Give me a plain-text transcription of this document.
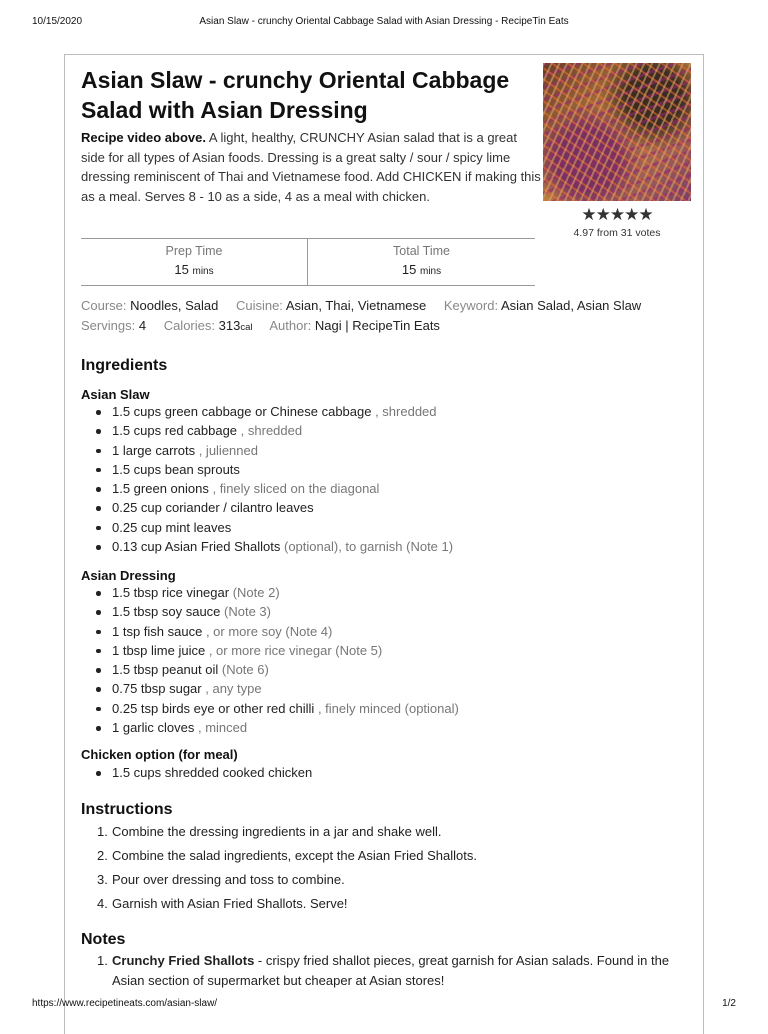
10/15/2020	Asian Slaw - crunchy Oriental Cabbage Salad with Asian Dressing - RecipeTin Eats
Asian Slaw - crunchy Oriental Cabbage Salad with Asian Dressing

Recipe video above. A light, healthy, CRUNCHY Asian salad that is a great side for all types of Asian foods. Dressing is a great salty / sour / spicy lime dressing reminiscent of Thai and Vietnamese food. Add CHICKEN if making this as a meal. Serves 8 - 10 as a side, 4 as a meal with chicken.

★★★★★
4.97 from 31 votes
Prep Time
15 mins
Total Time
15 mins
Course: Noodles, Salad Cuisine: Asian, Thai, Vietnamese Keyword: Asian Salad, Asian Slaw
Servings: 4 Calories: 313cal Author: Nagi | RecipeTin Eats
Ingredients
Asian Slaw
1.5 cups green cabbage or Chinese cabbage , shredded
1.5 cups red cabbage , shredded
1 large carrots , julienned
1.5 cups bean sprouts
1.5 green onions , finely sliced on the diagonal
0.25 cup coriander / cilantro leaves
0.25 cup mint leaves
0.13 cup Asian Fried Shallots (optional), to garnish (Note 1)
Asian Dressing
1.5 tbsp rice vinegar (Note 2)
1.5 tbsp soy sauce (Note 3)
1 tsp fish sauce , or more soy (Note 4)
1 tbsp lime juice , or more rice vinegar (Note 5)
1.5 tbsp peanut oil (Note 6)
0.75 tbsp sugar , any type
0.25 tsp birds eye or other red chilli , finely minced (optional)
1 garlic cloves , minced
Chicken option (for meal)
1.5 cups shredded cooked chicken
Instructions
1. Combine the dressing ingredients in a jar and shake well.
2. Combine the salad ingredients, except the Asian Fried Shallots.
3. Pour over dressing and toss to combine.
4. Garnish with Asian Fried Shallots. Serve!
Notes
1. Crunchy Fried Shallots - crispy fried shallot pieces, great garnish for Asian salads. Found in the Asian section of supermarket but cheaper at Asian stores!
https://www.recipetineats.com/asian-slaw/	1/2
